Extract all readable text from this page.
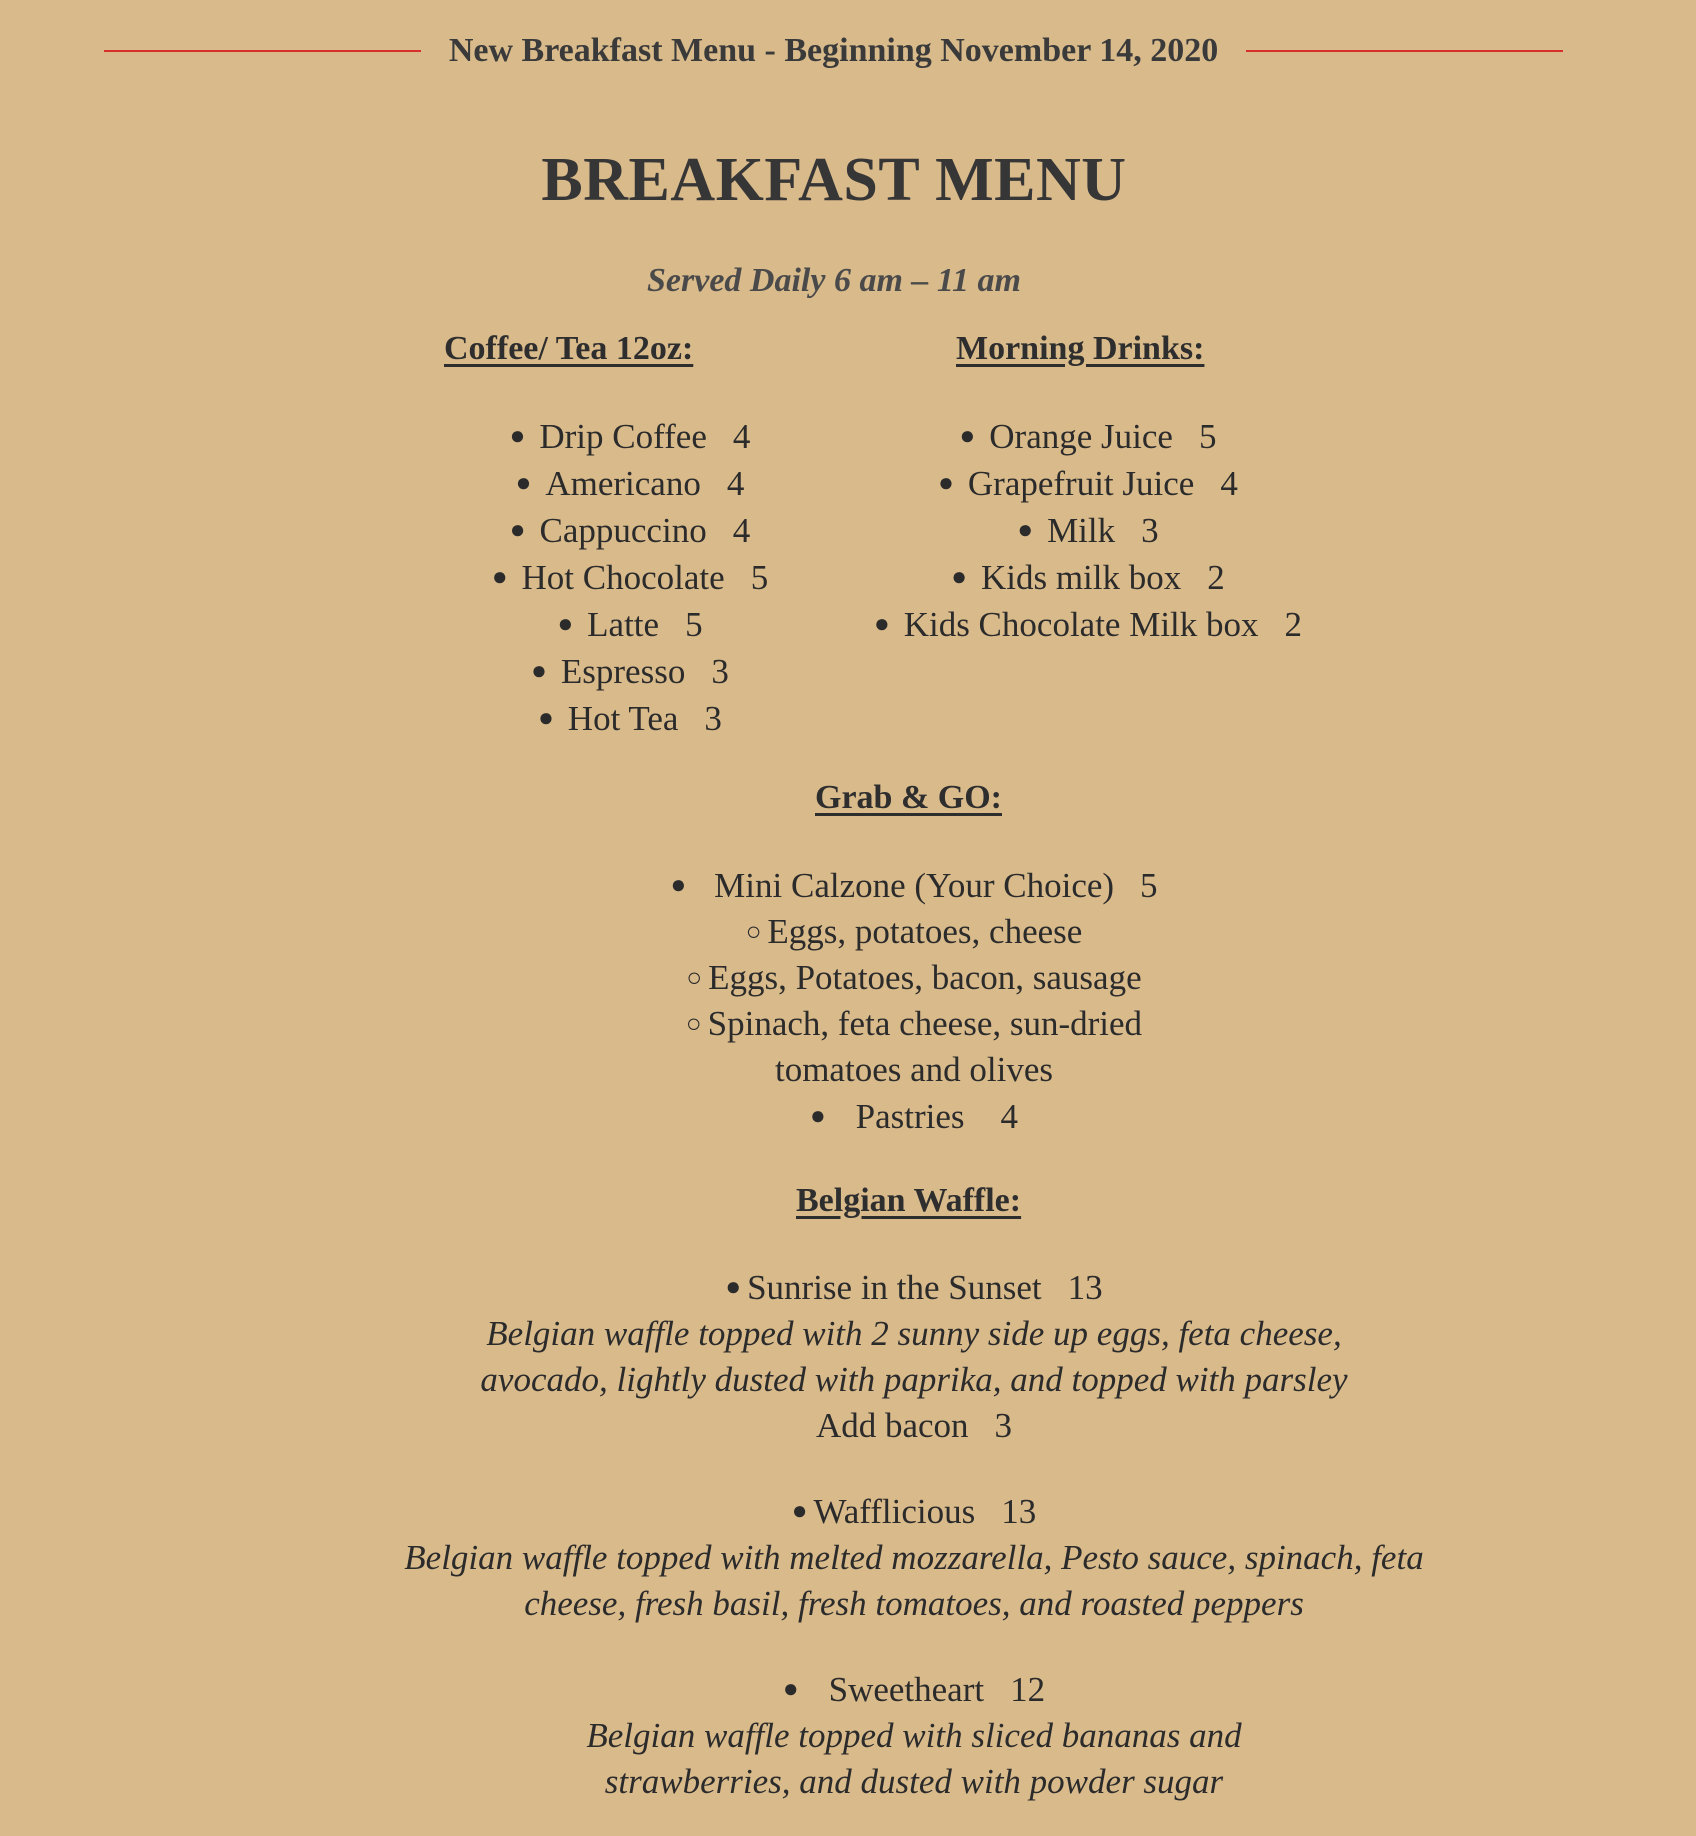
New Breakfast Menu - Beginning November 14, 2020
BREAKFAST MENU
Served Daily 6 am – 11 am
Coffee/ Tea 12oz:
● Drip Coffee 4
● Americano 4
● Cappuccino 4
● Hot Chocolate 5
● Latte 5
● Espresso 3
● Hot Tea 3
Morning Drinks:
● Orange Juice 5
● Grapefruit Juice 4
● Milk 3
● Kids milk box 2
● Kids Chocolate Milk box 2
Grab & GO:
● Mini Calzone (Your Choice) 5
○ Eggs, potatoes, cheese
○ Eggs, Potatoes, bacon, sausage
○ Spinach, feta cheese, sun-dried
tomatoes and olives
● Pastries 4
Belgian Waffle:
● Sunrise in the Sunset 13
Belgian waffle topped with 2 sunny side up eggs, feta cheese,
avocado, lightly dusted with paprika, and topped with parsley
Add bacon 3
● Wafflicious 13
Belgian waffle topped with melted mozzarella, Pesto sauce, spinach, feta
cheese, fresh basil, fresh tomatoes, and roasted peppers
● Sweetheart 12
Belgian waffle topped with sliced bananas and
strawberries, and dusted with powder sugar
